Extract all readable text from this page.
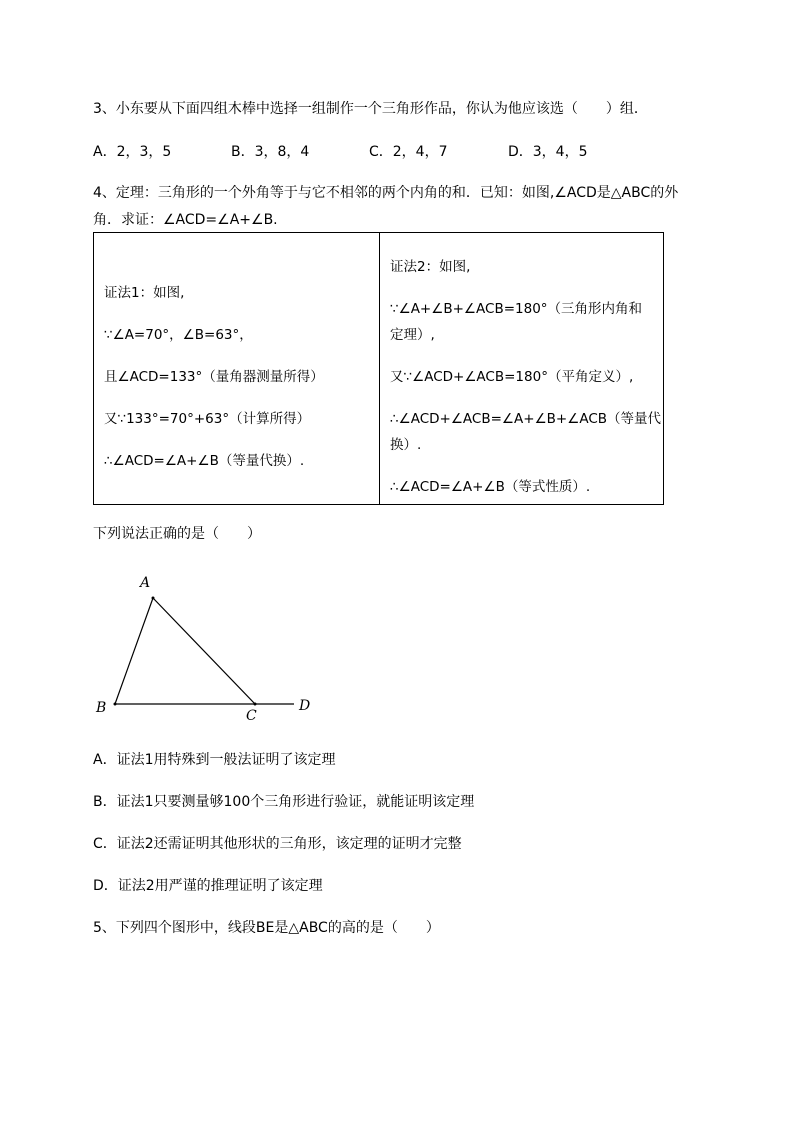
3、小东要从下面四组木棒中选择一组制作一个三角形作品，你认为他应该选（　　）组．
A．2，3，5	B．3，8，4	C．2，4，7	D．3，4，5
4、定理：三角形的一个外角等于与它不相邻的两个内角的和．已知：如图,∠ACD是△ABC的外
角．求证：∠ACD=∠A+∠B.
证法1：如图,
∵∠A=70°，∠B=63°，
且∠ACD=133°（量角器测量所得）
又∵133°=70°+63°（计算所得）
∴∠ACD=∠A+∠B（等量代换）.

证法2：如图,
∵∠A+∠B+∠ACB=180°（三角形内角和
定理）,
又∵∠ACD+∠ACB=180°（平角定义）,
∴∠ACD+∠ACB=∠A+∠B+∠ACB（等量代
换）.
∴∠ACD=∠A+∠B（等式性质）.
下列说法正确的是（　　）
A
B	C
D
A．证法1用特殊到一般法证明了该定理
B．证法1只要测量够100个三角形进行验证，就能证明该定理
C．证法2还需证明其他形状的三角形，该定理的证明才完整
D．证法2用严谨的推理证明了该定理
5、下列四个图形中，线段BE是△ABC的高的是（　　）
